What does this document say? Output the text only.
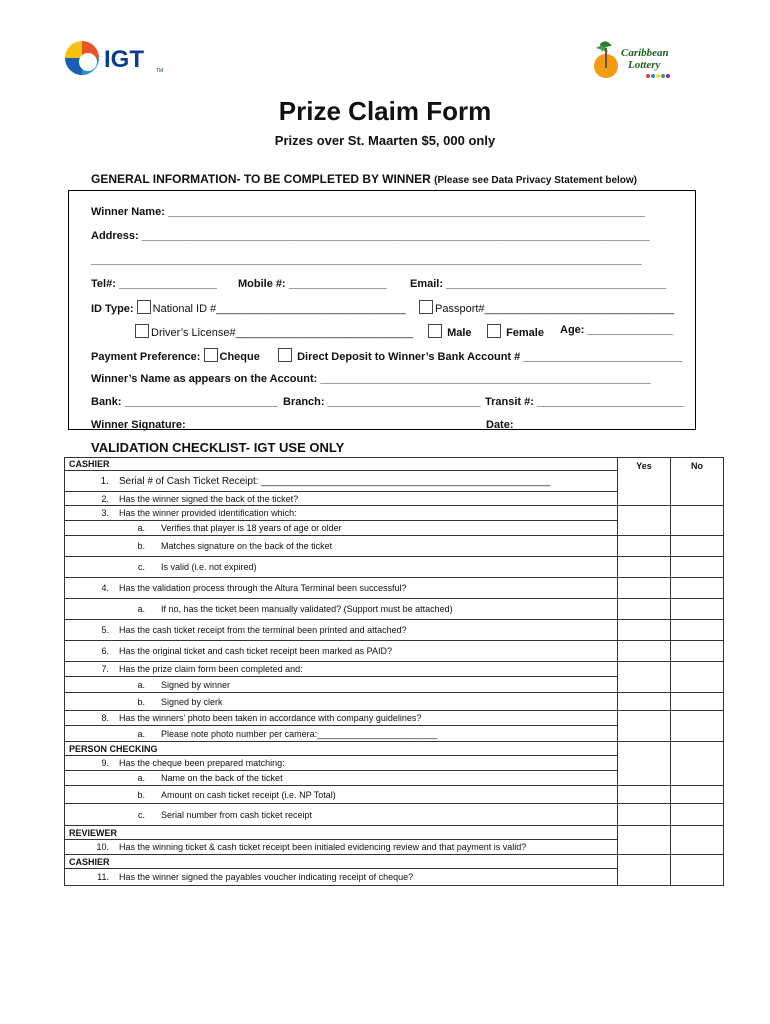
IGT TM
Caribbean
Lottery
Prize Claim Form
Prizes over St. Maarten $5, 000 only
GENERAL INFORMATION- TO BE COMPLETED BY WINNER (Please see Data Privacy Statement below)
Winner Name: ______________________________________________________________________________
Address: ___________________________________________________________________________________
__________________________________________________________________________________________
Tel#: ________________ Mobile #: ________________ Email: ____________________________________
ID Type: National ID #_______________________________	Passport#_______________________________
Driver’s License#_____________________________	Male	Female Age: ______________
Payment Preference: Cheque	Direct Deposit to Winner’s Bank Account # __________________________
Winner’s Name as appears on the Account: ______________________________________________________
Bank: _________________________ Branch: _________________________ Transit #: ________________________
Winner Signature: _______________________________________________ Date: __________________________
VALIDATION CHECKLIST- IGT USE ONLY
CASHIER	Yes	No
1. Serial # of Cash Ticket Receipt: ____________________________________________________		
2. Has the winner signed the back of the ticket?		
3. Has the winner provided identification which:		
a. Verifies that player is 18 years of age or older		
b. Matches signature on the back of the ticket		
c. Is valid (i.e. not expired)		
4. Has the validation process through the Altura Terminal been successful?		
a. If no, has the ticket been manually validated? (Support must be attached)		
5. Has the cash ticket receipt from the terminal been printed and attached?		
6. Has the original ticket and cash ticket receipt been marked as PAID?		
7. Has the prize claim form been completed and:		
a. Signed by winner		
b. Signed by clerk		
8. Has the winners’ photo been taken in accordance with company guidelines?		
a. Please note photo number per camera:________________________		
PERSON CHECKING		
9. Has the cheque been prepared matching:		
a. Name on the back of the ticket		
b. Amount on cash ticket receipt (i.e. NP Total)		
c. Serial number from cash ticket receipt		
REVIEWER		
10. Has the winning ticket & cash ticket receipt been initialed evidencing review and that payment is valid?		
CASHIER		
11. Has the winner signed the payables voucher indicating receipt of cheque?		
